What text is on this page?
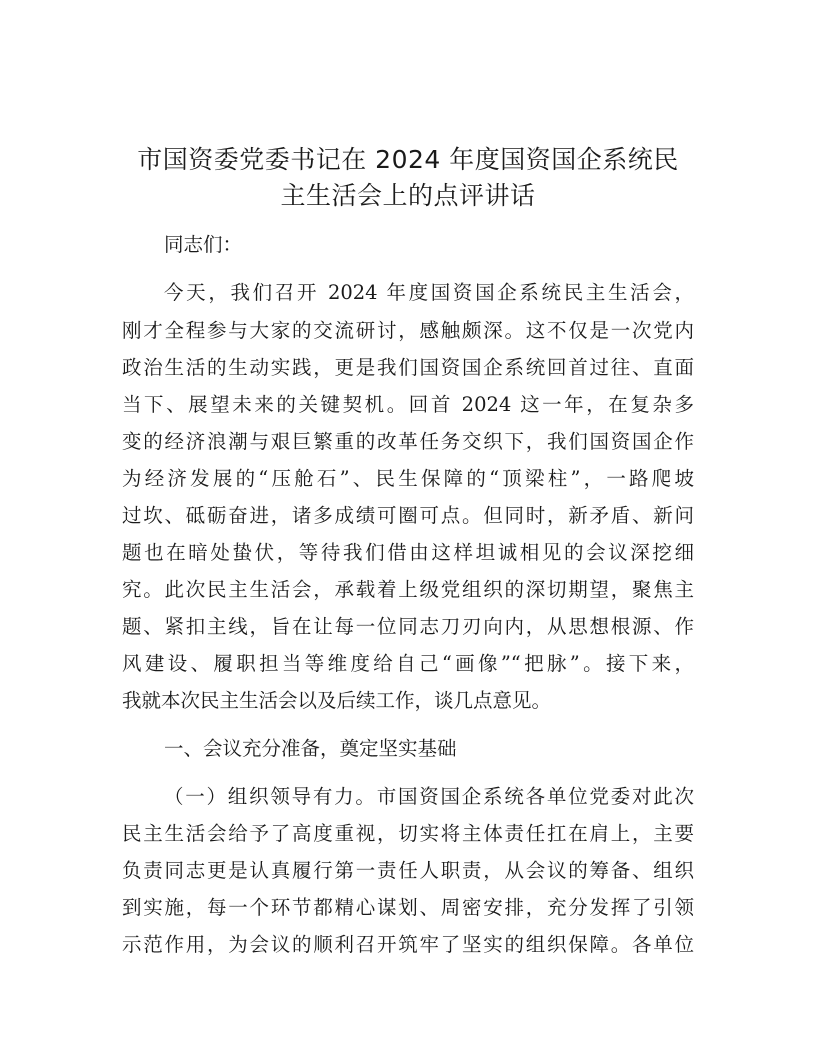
市国资委党委书记在 2024 年度国资国企系统民
主生活会上的点评讲话
同志们：
今天，我们召开 2024 年度国资国企系统民主生活会，
刚才全程参与大家的交流研讨，感触颇深。这不仅是一次党内
政治生活的生动实践，更是我们国资国企系统回首过往、直面
当下、展望未来的关键契机。回首 2024 这一年，在复杂多
变的经济浪潮与艰巨繁重的改革任务交织下，我们国资国企作
为经济发展的“压舱石”、民生保障的“顶梁柱”，一路爬坡
过坎、砥砺奋进，诸多成绩可圈可点。但同时，新矛盾、新问
题也在暗处蛰伏，等待我们借由这样坦诚相见的会议深挖细
究。此次民主生活会，承载着上级党组织的深切期望，聚焦主
题、紧扣主线，旨在让每一位同志刀刃向内，从思想根源、作
风建设、履职担当等维度给自己“画像”“把脉”。接下来，
我就本次民主生活会以及后续工作，谈几点意见。
一、会议充分准备，奠定坚实基础
（一）组织领导有力。市国资国企系统各单位党委对此次
民主生活会给予了高度重视，切实将主体责任扛在肩上，主要
负责同志更是认真履行第一责任人职责，从会议的筹备、组织
到实施，每一个环节都精心谋划、周密安排，充分发挥了引领
示范作用，为会议的顺利召开筑牢了坚实的组织保障。各单位
